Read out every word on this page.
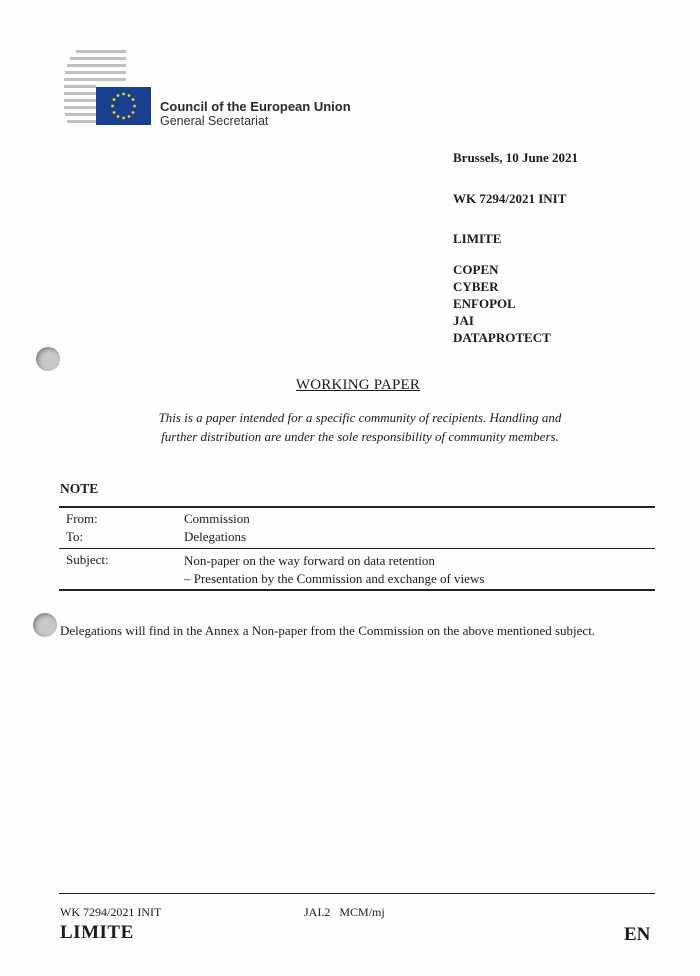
Council of the European Union
General Secretariat
Brussels, 10 June 2021
WK 7294/2021 INIT
LIMITE
COPEN
CYBER
ENFOPOL
JAI
DATAPROTECT
WORKING PAPER
This is a paper intended for a specific community of recipients. Handling and
further distribution are under the sole responsibility of community members.
NOTE
From:	Commission
To:	Delegations
Subject:	Non-paper on the way forward on data retention
– Presentation by the Commission and exchange of views
Delegations will find in the Annex a Non-paper from the Commission on the above mentioned subject.
WK 7294/2021 INIT
LIMITE
JAI.2 MCM/mj
EN
